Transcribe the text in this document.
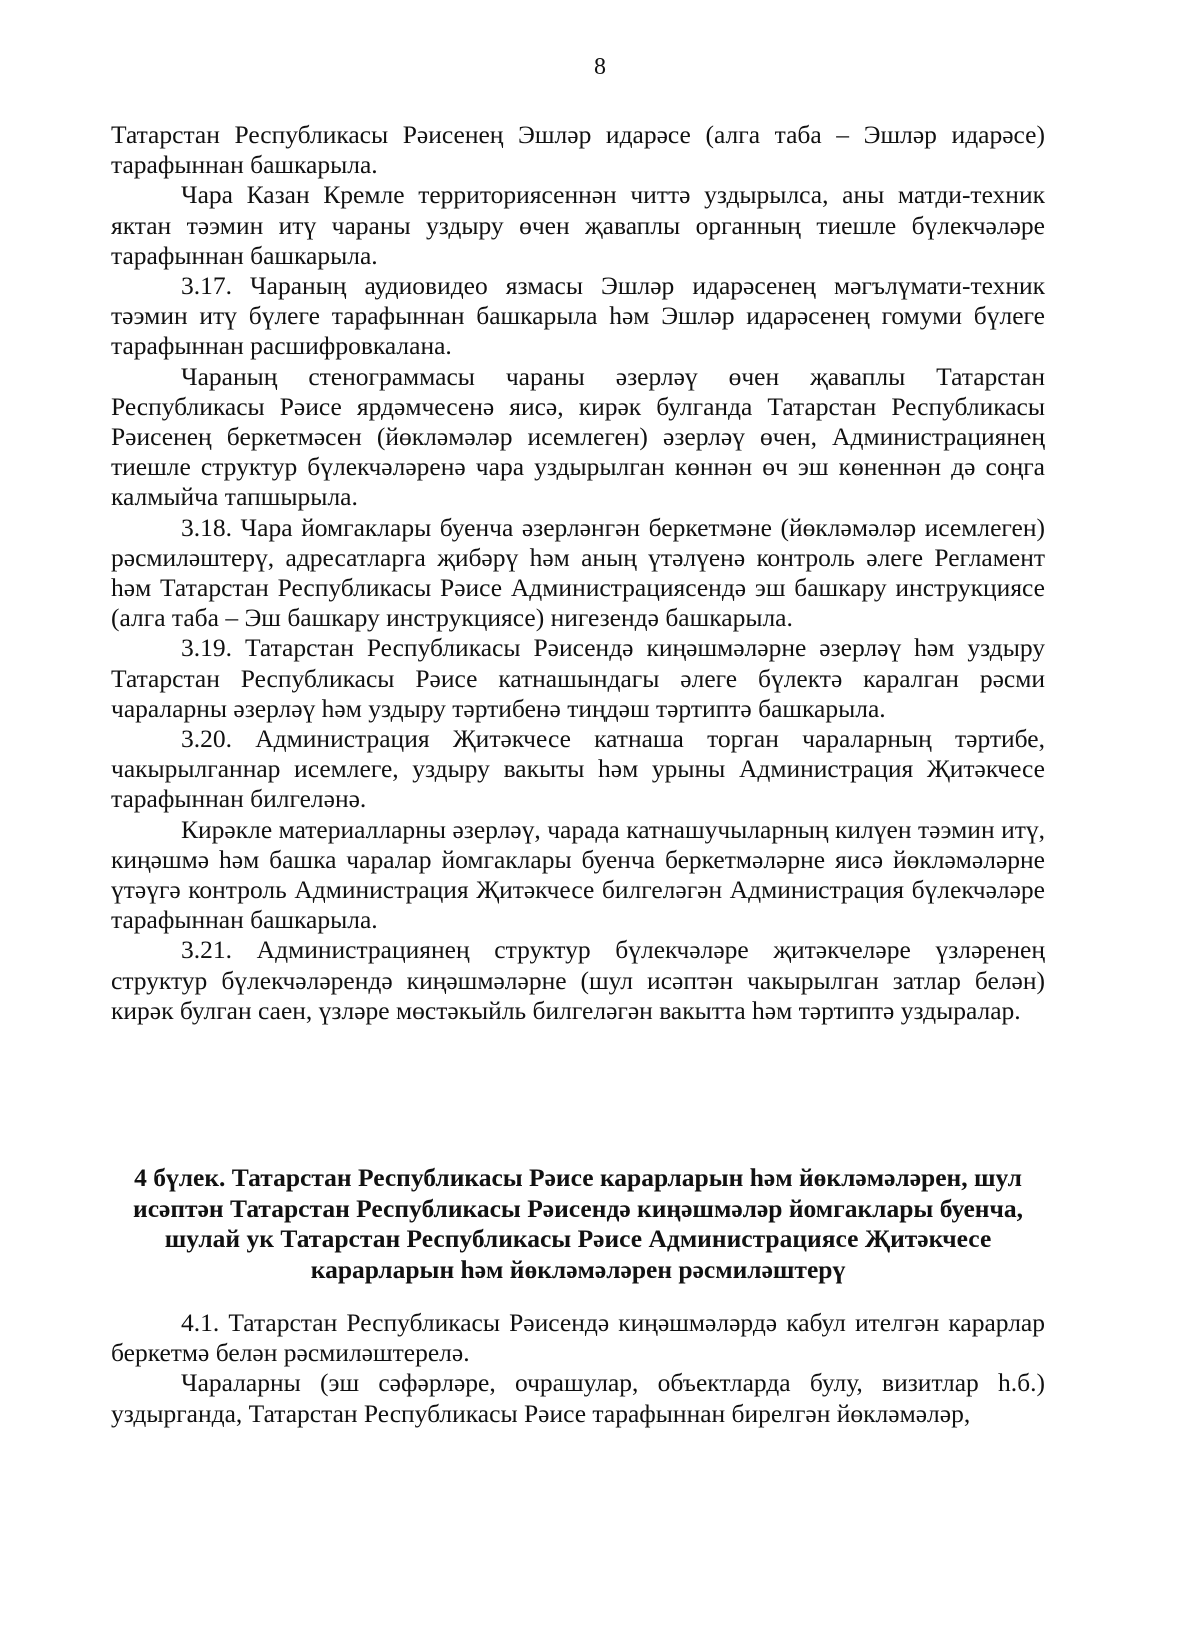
8

Татарстан Республикасы Рәисенең Эшләр идарәсе (алга таба – Эшләр идарәсе) тарафыннан башкарыла.

Чара Казан Кремле территориясеннән читтә уздырылса, аны матди-техник яктан тәэмин итү чараны уздыру өчен җаваплы органның тиешле бүлекчәләре тарафыннан башкарыла.

3.17. Чараның аудиовидео язмасы Эшләр идарәсенең мәгълүмати-техник тәэмин итү бүлеге тарафыннан башкарыла һәм Эшләр идарәсенең гомуми бүлеге тарафыннан расшифровкалана.

Чараның стенограммасы чараны әзерләү өчен җаваплы Татарстан Республикасы Рәисе ярдәмчесенә яисә, кирәк булганда Татарстан Республикасы Рәисенең беркетмәсен (йөкләмәләр исемлеген) әзерләү өчен, Администрациянең тиешле структур бүлекчәләренә чара уздырылган көннән өч эш көненнән дә соңга калмыйча тапшырыла.

3.18. Чара йомгаклары буенча әзерләнгән беркетмәне (йөкләмәләр исемлеген) рәсмиләштерү, адресатларга җибәрү һәм аның үтәлүенә контроль әлеге Регламент һәм Татарстан Республикасы Рәисе Администрациясендә эш башкару инструкциясе (алга таба – Эш башкару инструкциясе) нигезендә башкарыла.

3.19. Татарстан Республикасы Рәисендә киңәшмәләрне әзерләү һәм уздыру Татарстан Республикасы Рәисе катнашындагы әлеге бүлектә каралган рәсми чараларны әзерләү һәм уздыру тәртибенә тиңдәш тәртиптә башкарыла.

3.20. Администрация Җитәкчесе катнаша торган чараларның тәртибе, чакырылганнар исемлеге, уздыру вакыты һәм урыны Администрация Җитәкчесе тарафыннан билгеләнә.

Кирәкле материалларны әзерләү, чарада катнашучыларның килүен тәэмин итү, киңәшмә һәм башка чаралар йомгаклары буенча беркетмәләрне яисә йөкләмәләрне үтәүгә контроль Администрация Җитәкчесе билгеләгән Администрация бүлекчәләре тарафыннан башкарыла.

3.21. Администрациянең структур бүлекчәләре җитәкчеләре үзләренең структур бүлекчәләрендә киңәшмәләрне (шул исәптән чакырылган затлар белән) кирәк булган саен, үзләре мөстәкыйль билгеләгән вакытта һәм тәртиптә уздыралар.

4 бүлек. Татарстан Республикасы Рәисе карарларын һәм йөкләмәләрен, шул исәптән Татарстан Республикасы Рәисендә киңәшмәләр йомгаклары буенча, шулай ук Татарстан Республикасы Рәисе Администрациясе Җитәкчесе карарларын һәм йөкләмәләрен рәсмиләштерү

4.1. Татарстан Республикасы Рәисендә киңәшмәләрдә кабул ителгән карарлар беркетмә белән рәсмиләштерелә.

Чараларны (эш сәфәрләре, очрашулар, объектларда булу, визитлар һ.б.) уздырганда, Татарстан Республикасы Рәисе тарафыннан бирелгән йөкләмәләр,
